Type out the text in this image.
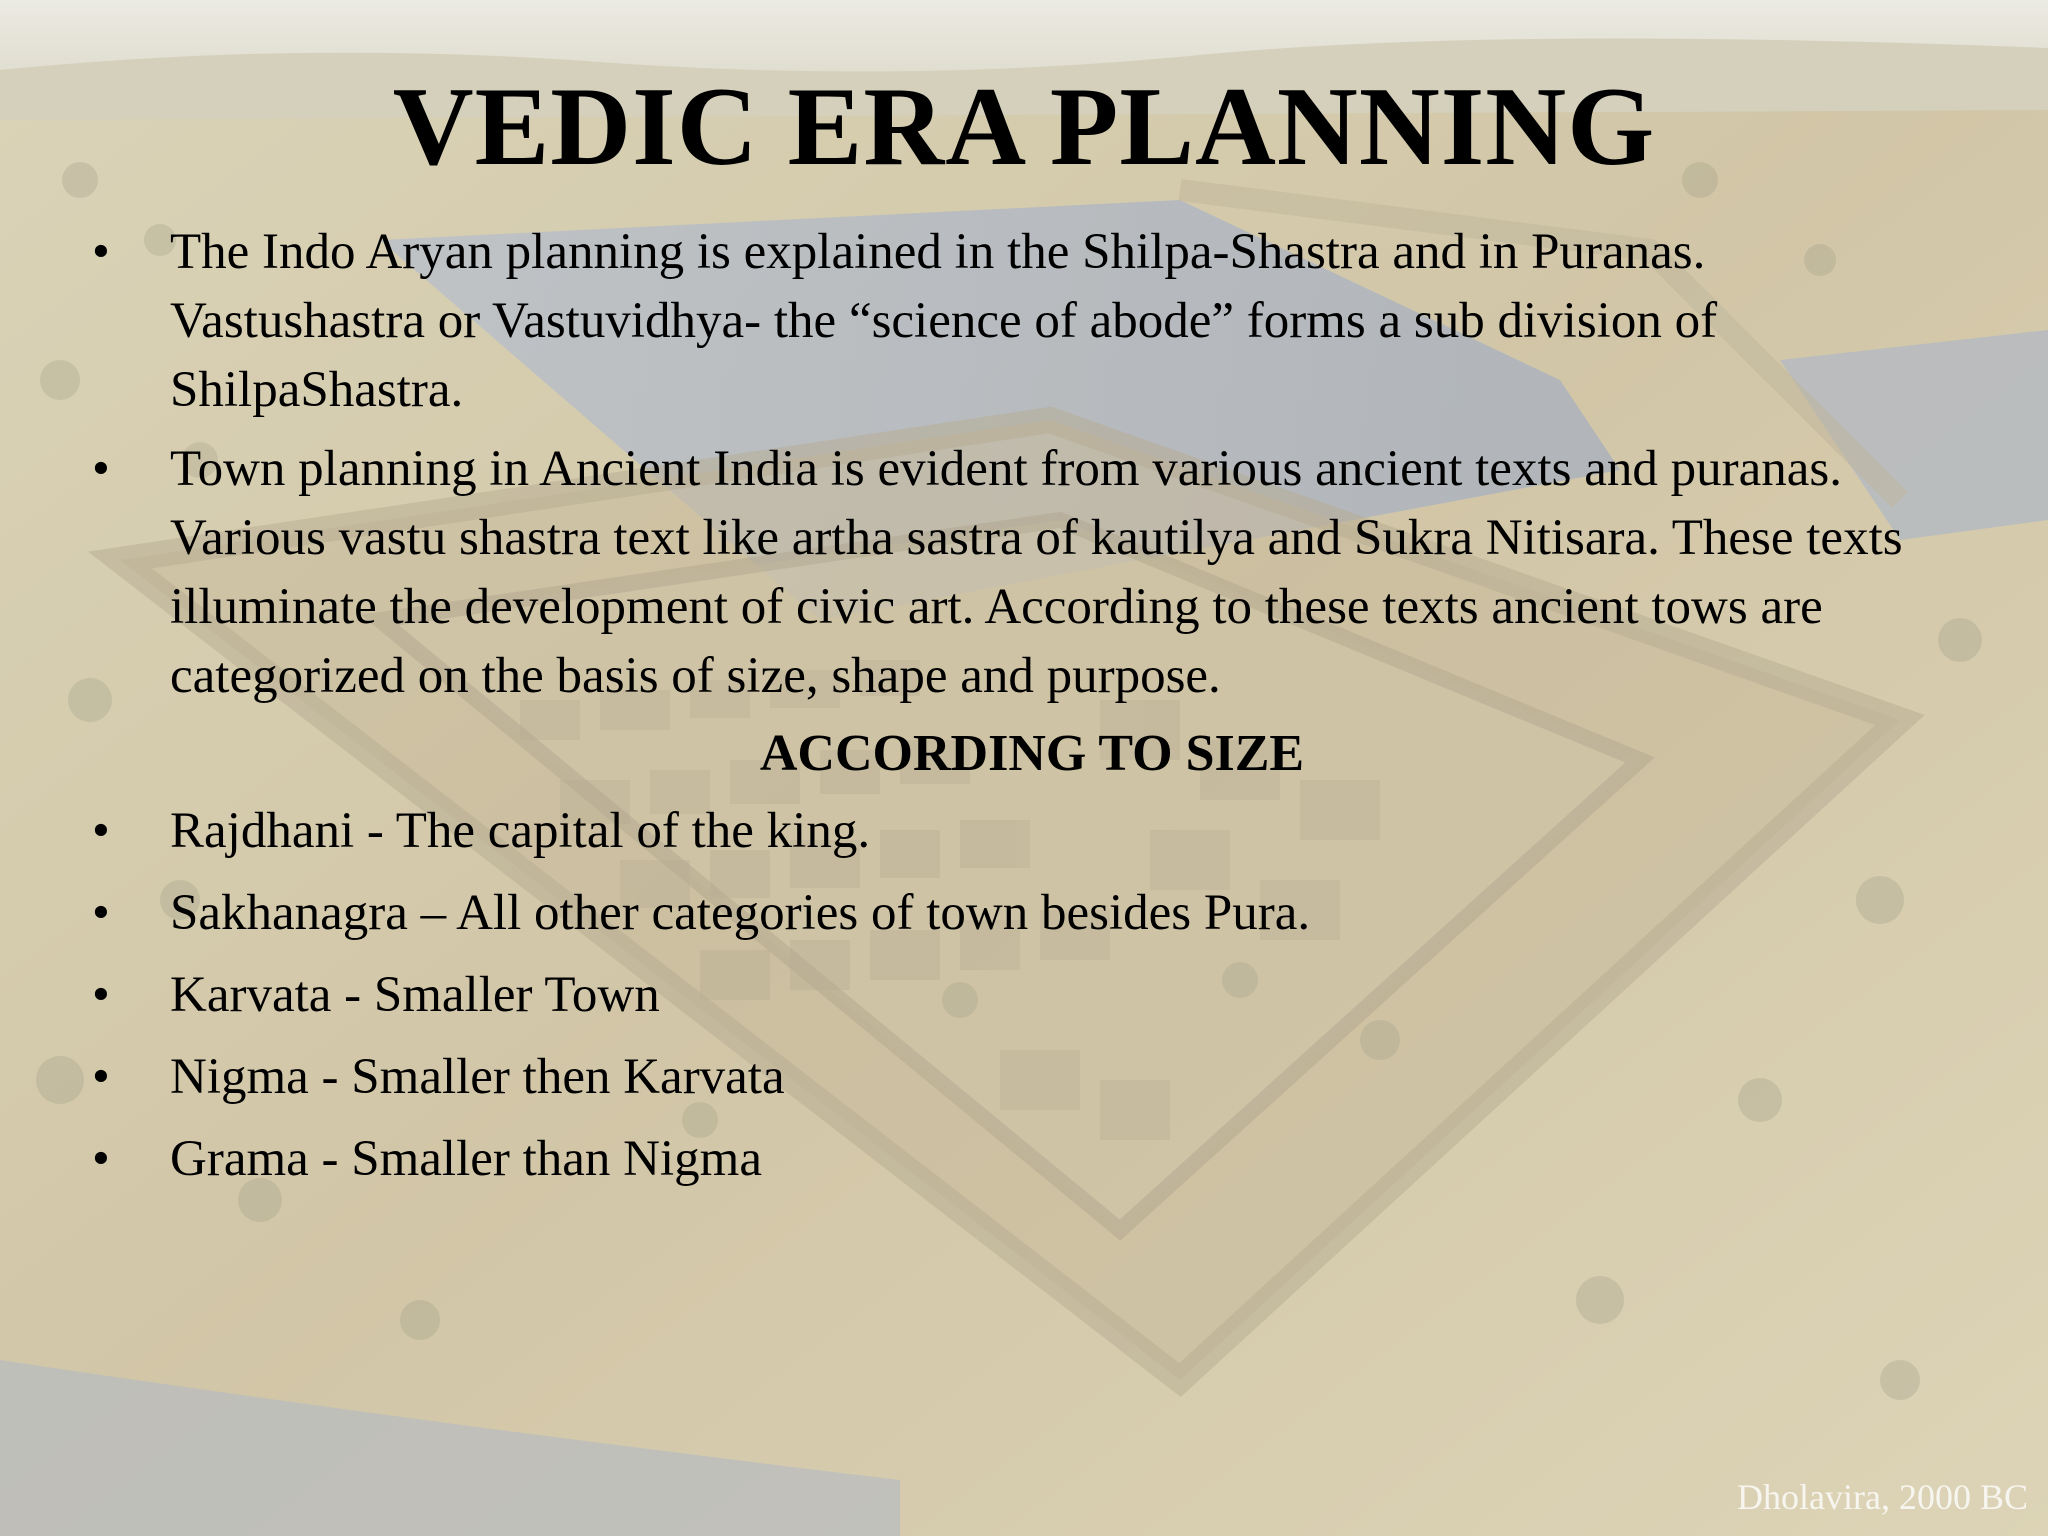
VEDIC ERA PLANNING

• The Indo Aryan planning is explained in the Shilpa-Shastra and in Puranas. Vastushastra or Vastuvidhya- the “science of abode” forms a sub division of ShilpaShastra.

• Town planning in Ancient India is evident from various ancient texts and puranas. Various vastu shastra text like artha sastra of kautilya and Sukra Nitisara. These texts illuminate the development of civic art. According to these texts ancient tows are categorized on the basis of size, shape and purpose.

ACCORDING TO SIZE

• Rajdhani - The capital of the king.

• Sakhanagra – All other categories of town besides Pura.

• Karvata - Smaller Town

• Nigma - Smaller then Karvata

• Grama - Smaller than Nigma

Dholavira, 2000 BC
